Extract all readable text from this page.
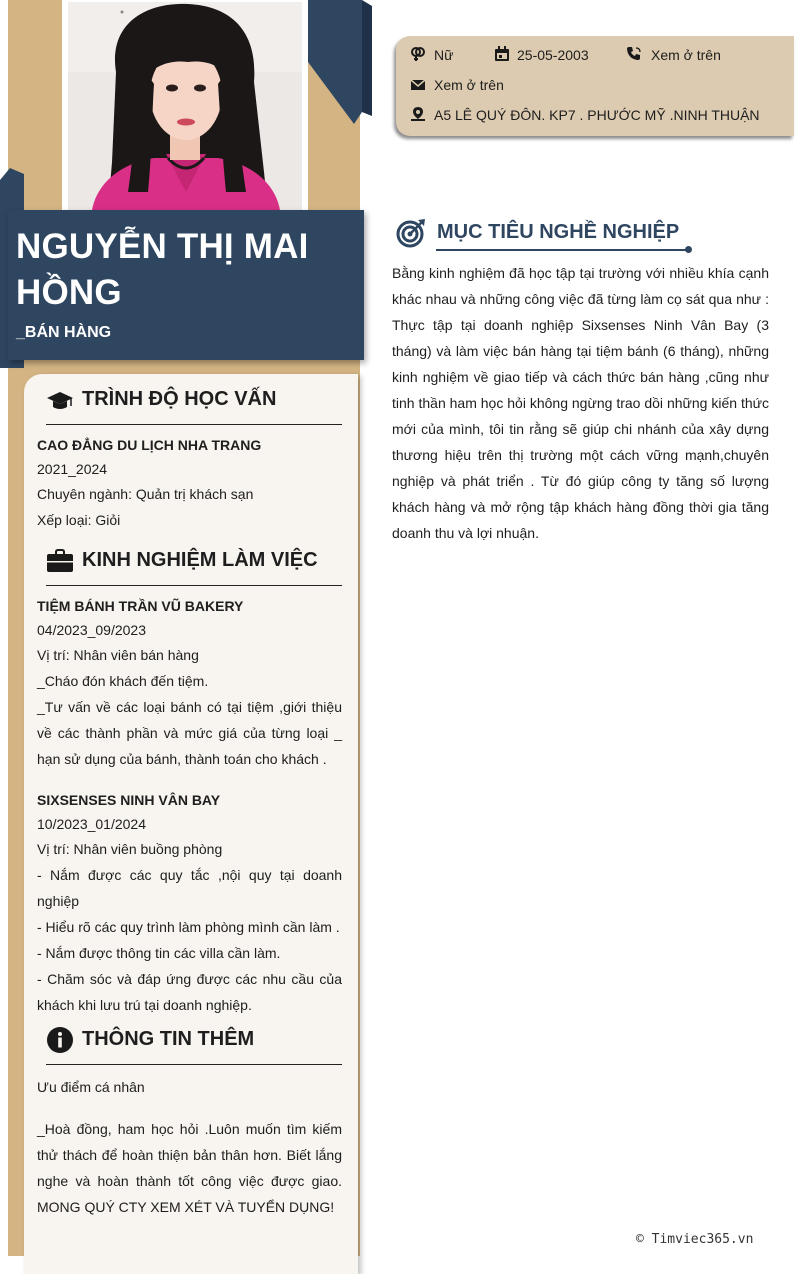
NGUYỄN THỊ MAI HỒNG
_BÁN HÀNG
TRÌNH ĐỘ HỌC VẤN
CAO ĐẲNG DU LỊCH NHA TRANG
2021_2024
Chuyên ngành: Quản trị khách sạn
Xếp loại: Giỏi
KINH NGHIỆM LÀM VIỆC
TIỆM BÁNH TRẦN VŨ BAKERY
04/2023_09/2023
Vị trí: Nhân viên bán hàng
_Cháo đón khách đến tiệm.
_Tư vấn về các loại bánh có tại tiệm ,giới thiệu về các thành phần và mức giá của từng loại _ hạn sử dụng của bánh, thành toán cho khách .
SIXSENSES NINH VÂN BAY
10/2023_01/2024
Vị trí: Nhân viên buồng phòng
- Nắm được các quy tắc ,nội quy tại doanh nghiệp
- Hiểu rõ các quy trình làm phòng mình cần làm .
- Nắm được thông tin các villa cần làm.
- Chăm sóc và đáp ứng được các nhu cầu của khách khi lưu trú tại doanh nghiệp.
THÔNG TIN THÊM
Ưu điểm cá nhân
_Hoà đồng, ham học hỏi .Luôn muốn tìm kiếm thử thách để hoàn thiện bản thân hơn. Biết lắng nghe và hoàn thành tốt công việc được giao. MONG QUÝ CTY XEM XÉT VÀ TUYỂN DỤNG!
Nữ	25-05-2003	Xem ở trên
Xem ở trên
A5 LÊ QUÝ ĐÔN. KP7 . PHƯỚC MỸ .NINH THUẬN
MỤC TIÊU NGHỀ NGHIỆP
Bằng kinh nghiệm đã học tập tại trường với nhiều khía cạnh khác nhau và những công việc đã từng làm cọ sát qua như : Thực tập tại doanh nghiệp Sixsenses Ninh Vân Bay (3 tháng) và làm việc bán hàng tại tiệm bánh (6 tháng), những kinh nghiệm về giao tiếp và cách thức bán hàng ,cũng như tinh thần ham học hỏi không ngừng trao dồi những kiến thức mới của mình, tôi tin rằng sẽ giúp chi nhánh của xây dựng thương hiệu trên thị trường một cách vững mạnh,chuyên nghiệp và phát triển . Từ đó giúp công ty tăng số lượng khách hàng và mở rộng tập khách hàng đồng thời gia tăng doanh thu và lợi nhuận.
© Timviec365.vn
